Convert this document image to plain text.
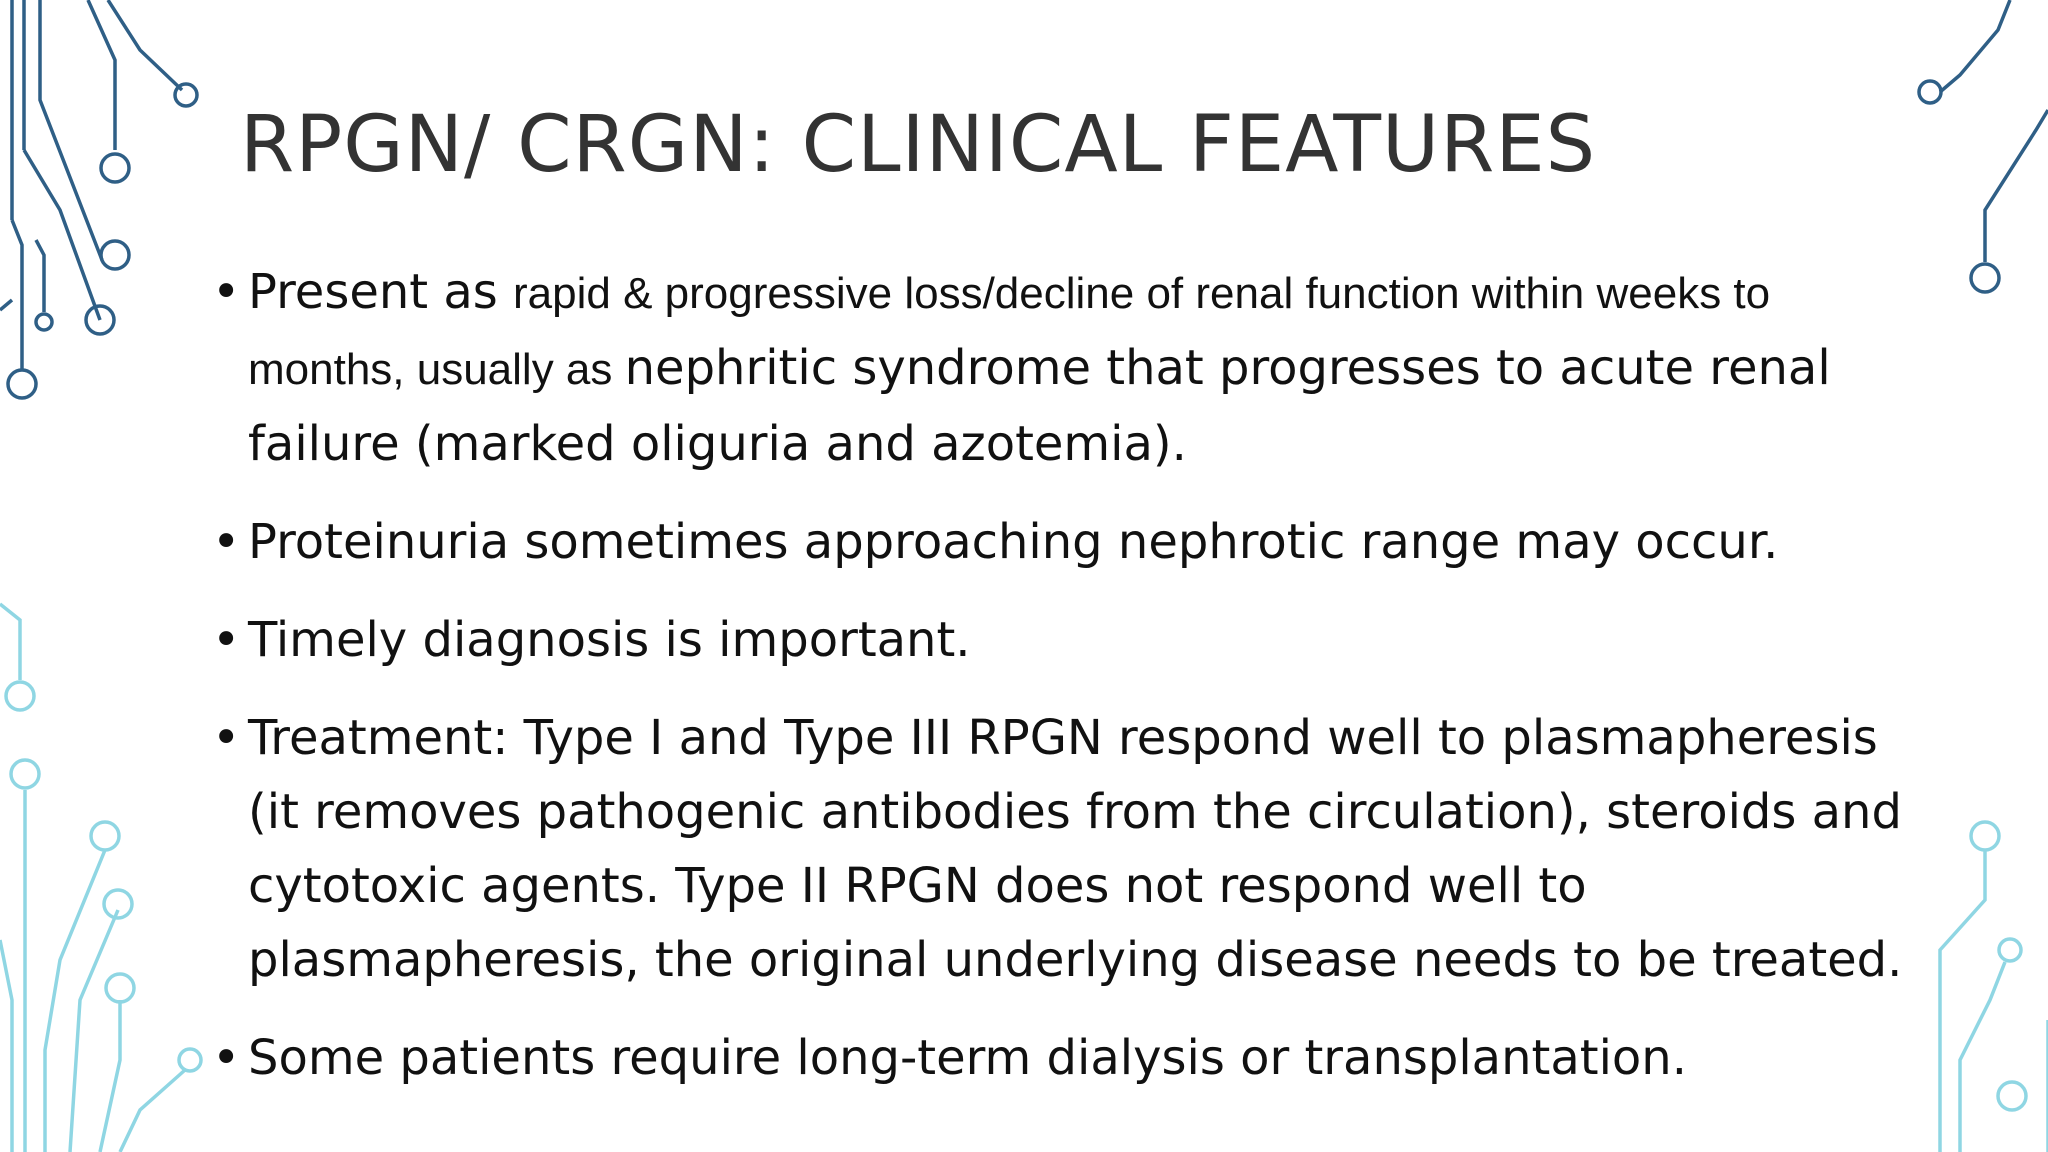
RPGN/ CRGN: CLINICAL FEATURES
• Present as rapid & progressive loss/decline of renal function within weeks to months, usually as nephritic syndrome that progresses to acute renal failure (marked oliguria and azotemia).
• Proteinuria sometimes approaching nephrotic range may occur.
• Timely diagnosis is important.
• Treatment: Type I and Type III RPGN respond well to plasmapheresis (it removes pathogenic antibodies from the circulation), steroids and cytotoxic agents. Type II RPGN does not respond well to plasmapheresis, the original underlying disease needs to be treated.
• Some patients require long-term dialysis or transplantation.
